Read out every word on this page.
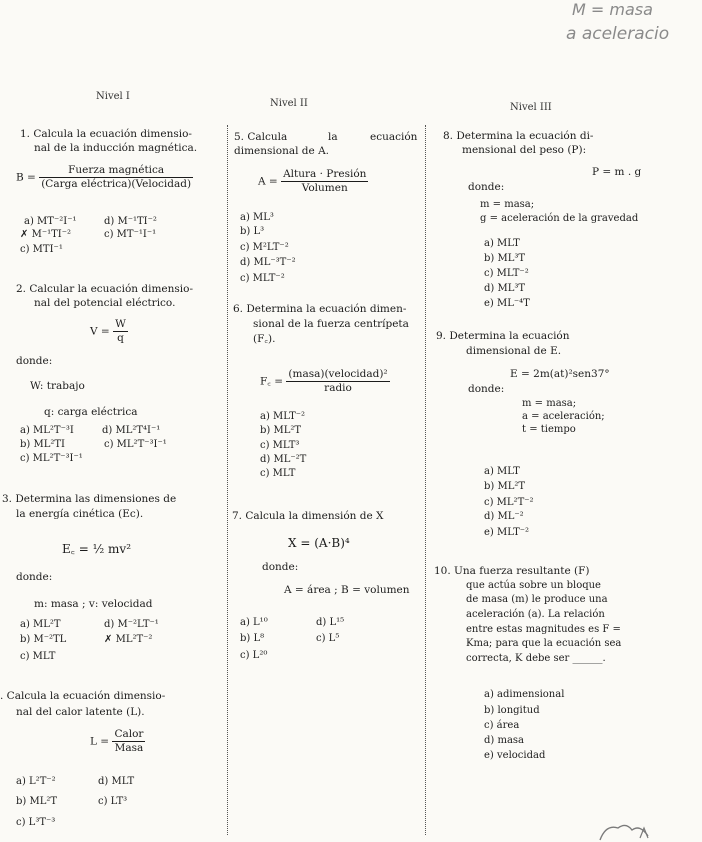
M = masa
a aceleracio
Nivel I
Nivel II	Nivel III
1. Calcula la ecuación dimensio-
nal de la inducción magnética.
$B = \frac{\text{Fuerza magnética}}{\text{(Carga eléctrica)(Velocidad)}}$
a) MT⁻²I⁻¹	d) M⁻¹TI⁻²
✗ M⁻¹TI⁻²	c) MT⁻¹I⁻¹
c) MTI⁻¹
2. Calcular la ecuación dimensio-
nal del potencial eléctrico.
$V = \frac{W}{q}$
donde:
W: trabajo
q: carga eléctrica
a) ML²T⁻³I	d) ML²T⁴I⁻¹
b) ML²TI	c) ML²T⁻³I⁻¹
c) ML²T⁻³I⁻¹
3. Determina las dimensiones de
la energía cinética (Ec).
E꜀ = ½ mv²
donde:
m: masa ; v: velocidad
a) ML²T	d) M⁻²LT⁻¹
b) M⁻²TL	✗ ML²T⁻²
c) MLT
. Calcula la ecuación dimensio-
nal del calor latente (L).
$L = \frac{\text{Calor}}{\text{Masa}}$
a) L²T⁻²	d) MLT
b) ML²T	c) LT³
c) L³T⁻³
5. Calcula	la	ecuación
dimensional de A.
$A = \frac{\text{Altura · Presión}}{\text{Volumen}}$
a) ML³
b) L³
c) M²LT⁻²
d) ML⁻³T⁻²
c) MLT⁻²
6. Determina la ecuación dimen-
sional de la fuerza centrípeta
(F꜀).
F꜀ = $\frac{\text{(masa)(velocidad)²}}{\text{radio}}$
a) MLT⁻²
b) ML²T
c) MLT³
d) ML⁻²T
c) MLT
7. Calcula la dimensión de X
X = (A·B)⁴
donde:
A = área ; B = volumen
a) L¹⁰	d) L¹⁵
b) L⁸	c) L⁵
c) L²⁰
8. Determina la ecuación di-
mensional del peso (P):
P = m . g
donde:
m = masa;
g = aceleración de la gravedad
a) MLT
b) ML³T
c) MLT⁻²
d) ML³T
e) ML⁻⁴T
9. Determina la ecuación
dimensional de E.
E = 2m(at)²sen37°
donde:
m = masa;
a = aceleración;
t = tiempo
a) MLT
b) ML²T
c) ML²T⁻²
d) ML⁻²
e) MLT⁻²
10. Una fuerza resultante (F)
que actúa sobre un bloque
de masa (m) le produce una
aceleración (a). La relación
entre estas magnitudes es F =
Kma; para que la ecuación sea
correcta, K debe ser ______.
a) adimensional
b) longitud
c) área
d) masa
e) velocidad
